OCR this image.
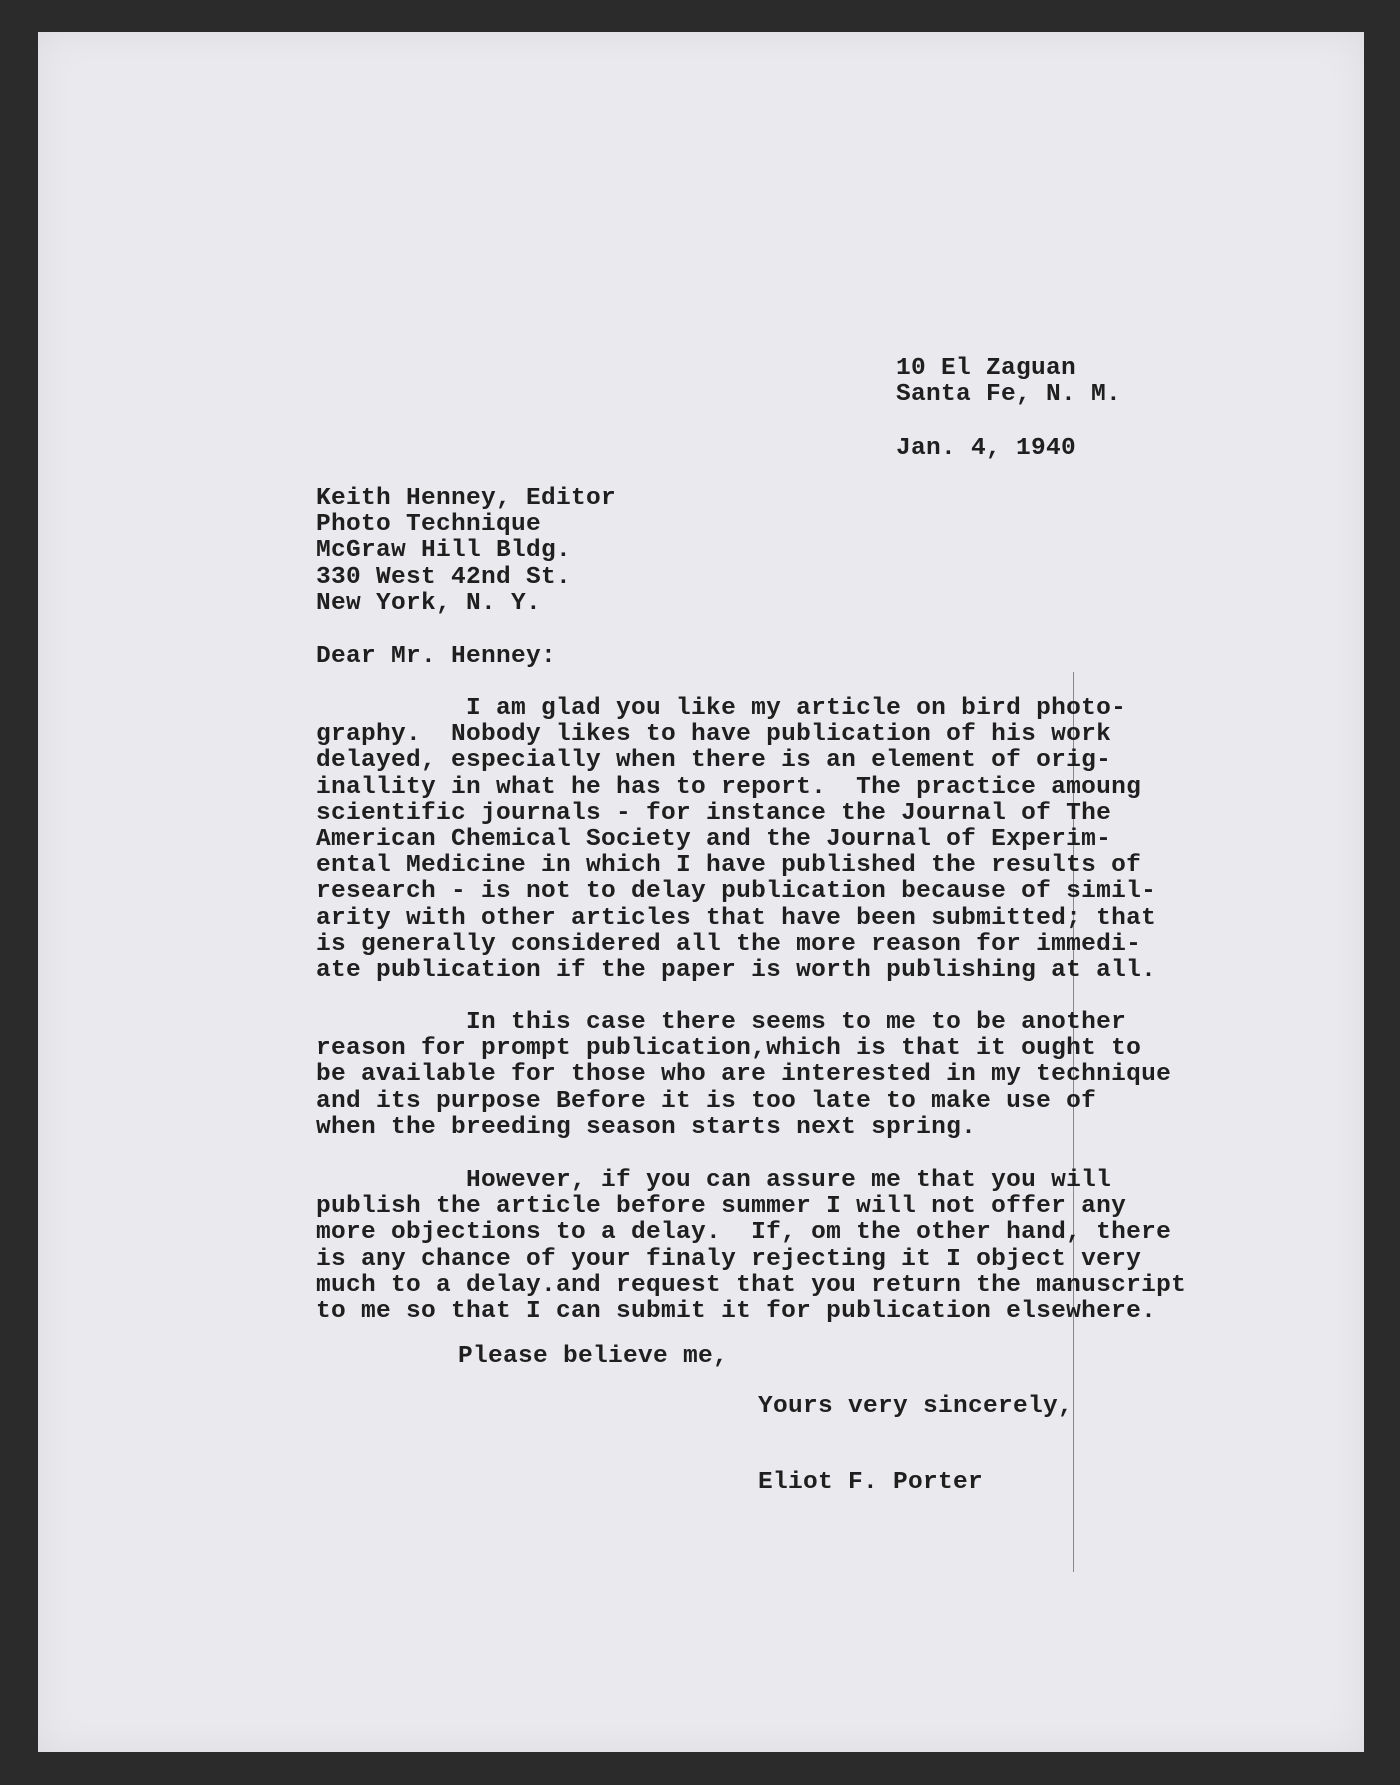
10 El Zaguan
Santa Fe, N. M.
Jan. 4, 1940
Keith Henney, Editor
Photo Technique
McGraw Hill Bldg.
330 West 42nd St.
New York, N. Y.
Dear Mr. Henney:
I am glad you like my article on bird photo-
graphy.  Nobody likes to have publication of his work
delayed, especially when there is an element of orig-
inallity in what he has to report.  The practice amoung
scientific journals - for instance the Journal of The
American Chemical Society and the Journal of Experim-
ental Medicine in which I have published the results of
research - is not to delay publication because of simil-
arity with other articles that have been submitted; that
is generally considered all the more reason for immedi-
ate publication if the paper is worth publishing at all.
In this case there seems to me to be another
reason for prompt publication,which is that it ought to
be available for those who are interested in my technique
and its purpose Before it is too late to make use of
when the breeding season starts next spring.
However, if you can assure me that you will
publish the article before summer I will not offer any
more objections to a delay.  If, om the other hand, there
is any chance of your finaly rejecting it I object very
much to a delay.and request that you return the manuscript
to me so that I can submit it for publication elsewhere.
Please believe me,
Yours very sincerely,
Eliot F. Porter
